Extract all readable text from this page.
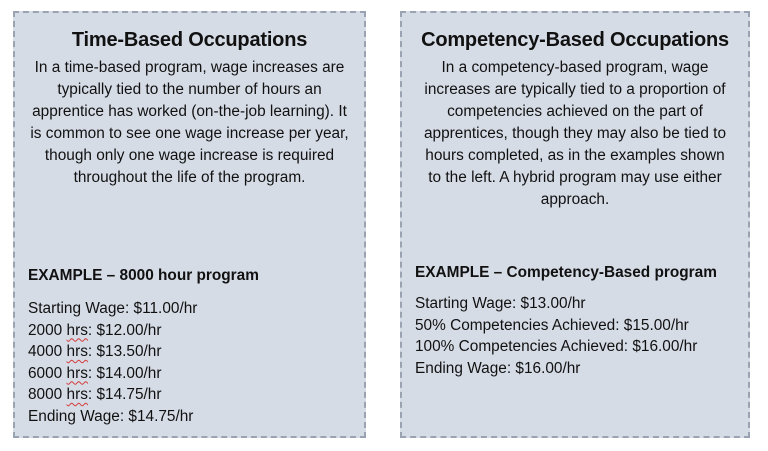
Time-Based Occupations
In a time-based program, wage increases are typically tied to the number of hours an apprentice has worked (on-the-job learning). It is common to see one wage increase per year, though only one wage increase is required throughout the life of the program.
EXAMPLE – 8000 hour program
Starting Wage: $11.00/hr
2000 hrs: $12.00/hr
4000 hrs: $13.50/hr
6000 hrs: $14.00/hr
8000 hrs: $14.75/hr
Ending Wage: $14.75/hr
Competency-Based Occupations
In a competency-based program, wage increases are typically tied to a proportion of competencies achieved on the part of apprentices, though they may also be tied to hours completed, as in the examples shown to the left. A hybrid program may use either approach.
EXAMPLE – Competency-Based program
Starting Wage: $13.00/hr
50% Competencies Achieved: $15.00/hr
100% Competencies Achieved: $16.00/hr
Ending Wage: $16.00/hr
